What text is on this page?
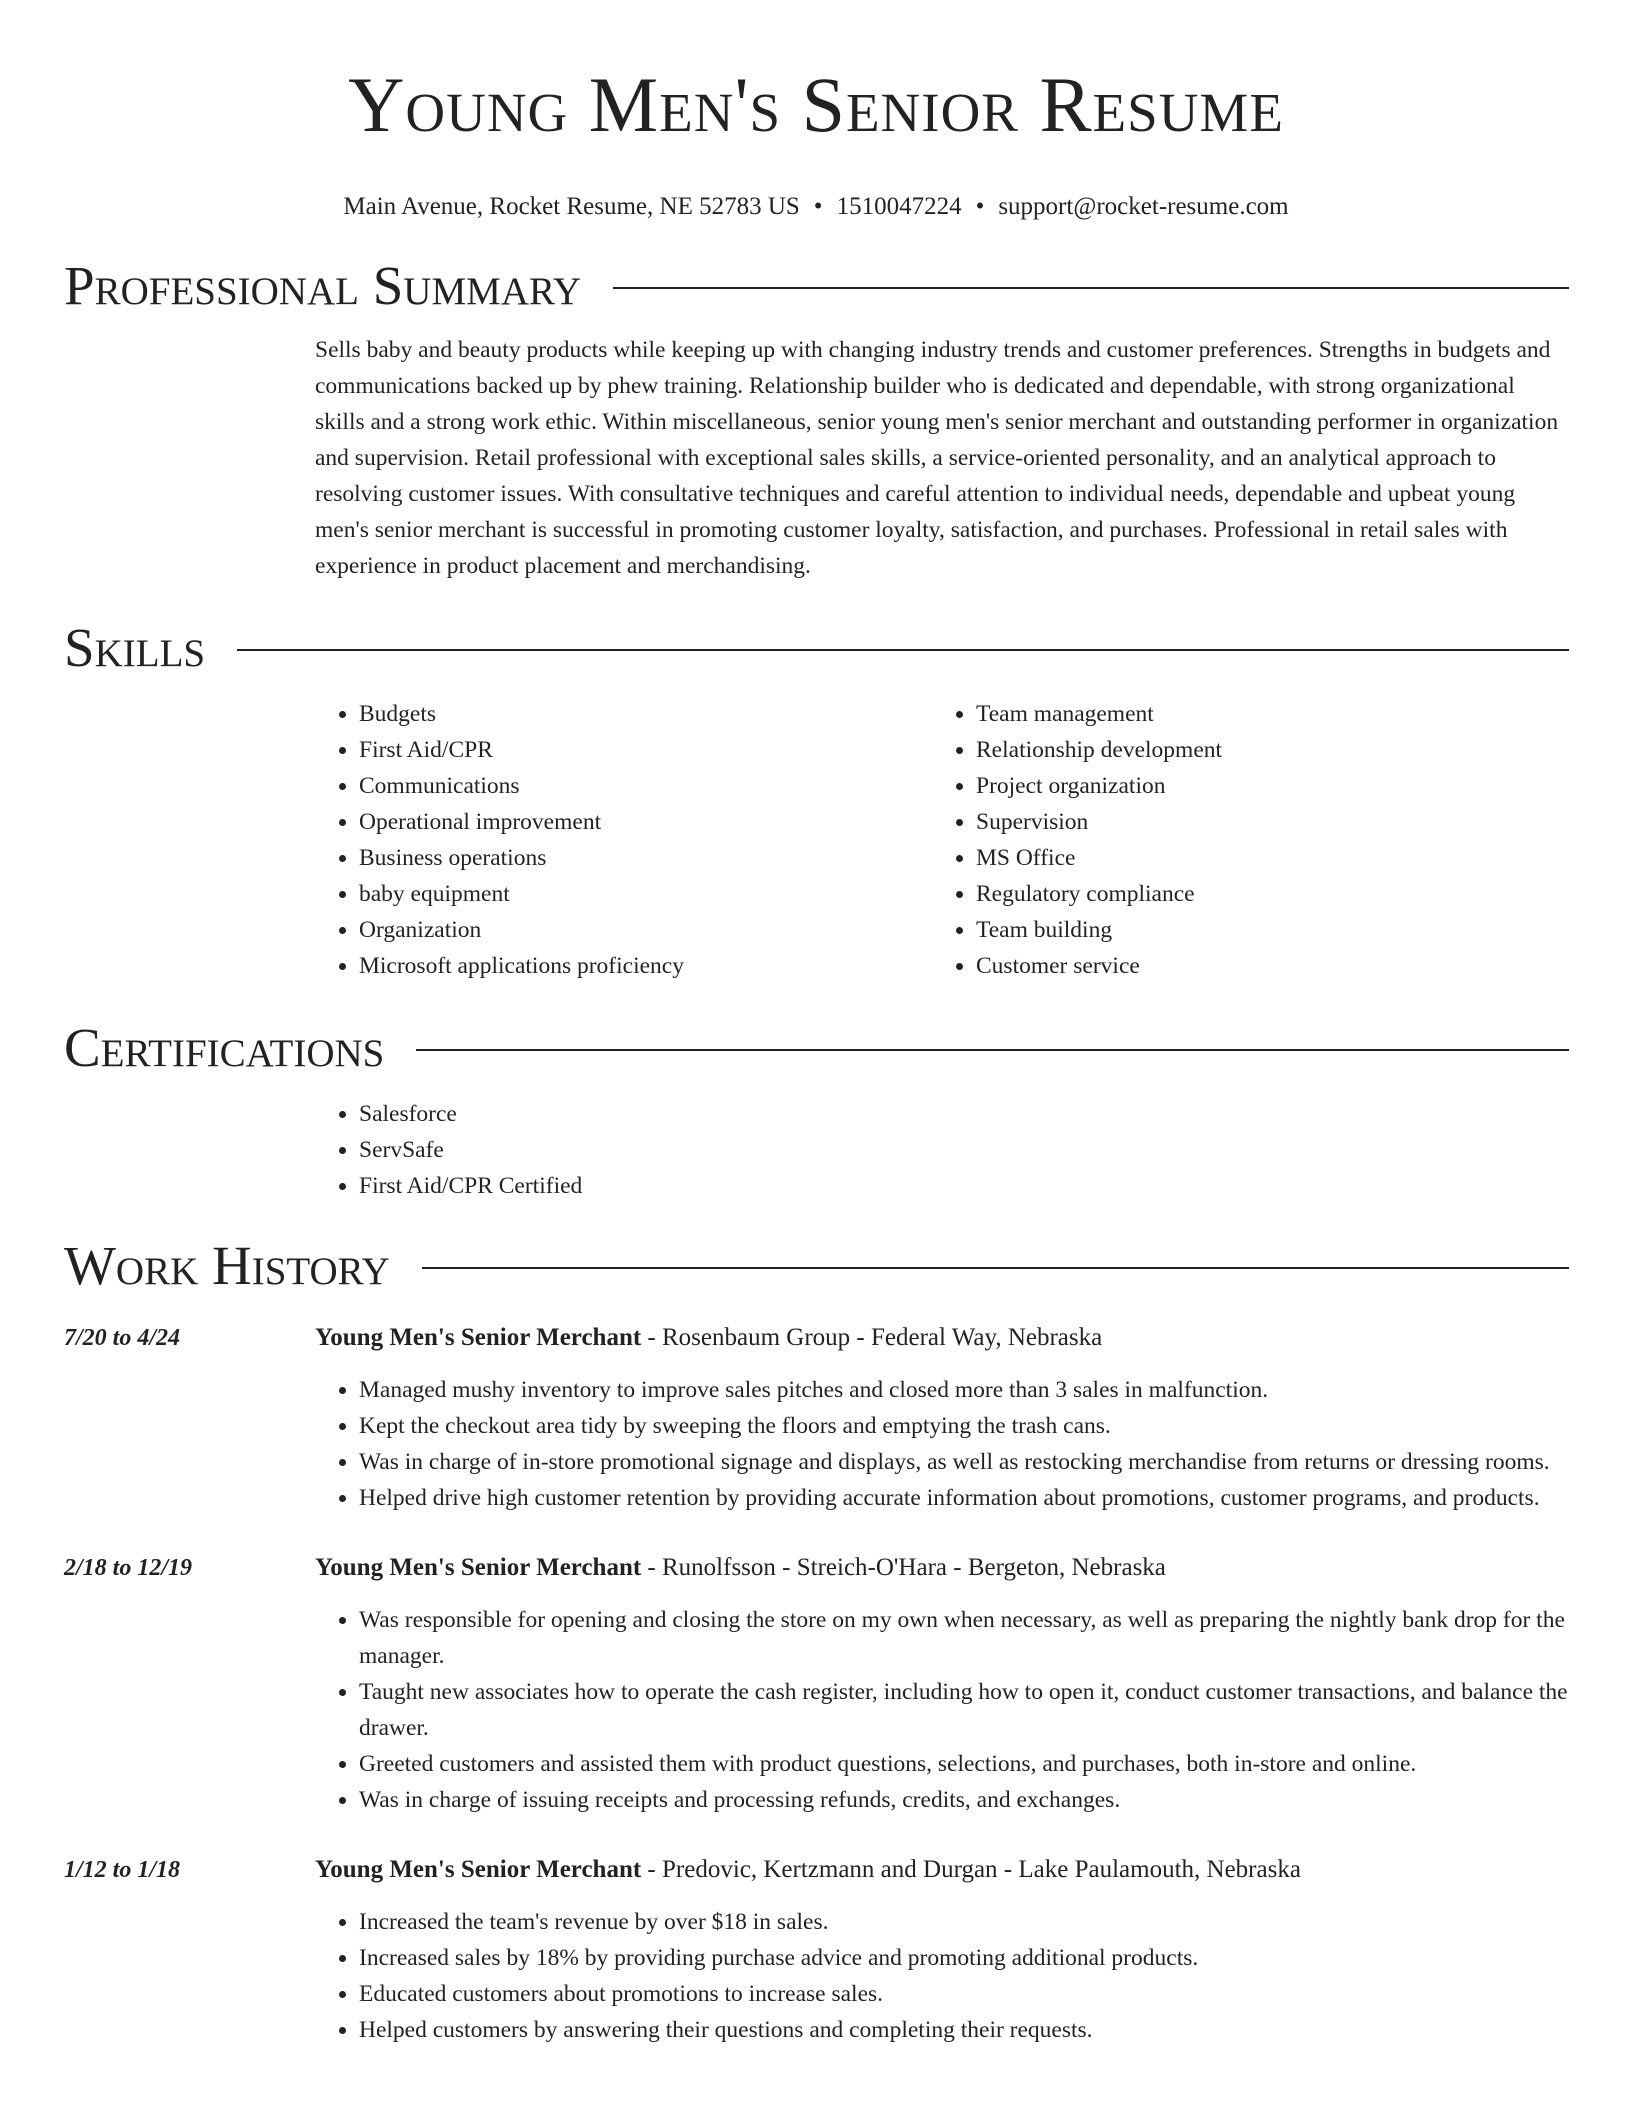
Young Men's Senior Resume
Main Avenue, Rocket Resume, NE 52783 US • 1510047224 • support@rocket-resume.com
Professional Summary
Sells baby and beauty products while keeping up with changing industry trends and customer preferences. Strengths in budgets and communications backed up by phew training. Relationship builder who is dedicated and dependable, with strong organizational skills and a strong work ethic. Within miscellaneous, senior young men's senior merchant and outstanding performer in organization and supervision. Retail professional with exceptional sales skills, a service-oriented personality, and an analytical approach to resolving customer issues. With consultative techniques and careful attention to individual needs, dependable and upbeat young men's senior merchant is successful in promoting customer loyalty, satisfaction, and purchases. Professional in retail sales with experience in product placement and merchandising.
Skills
• Budgets
• First Aid/CPR
• Communications
• Operational improvement
• Business operations
• baby equipment
• Organization
• Microsoft applications proficiency
• Team management
• Relationship development
• Project organization
• Supervision
• MS Office
• Regulatory compliance
• Team building
• Customer service
Certifications
• Salesforce
• ServSafe
• First Aid/CPR Certified
Work History
7/20 to 4/24	Young Men's Senior Merchant - Rosenbaum Group - Federal Way, Nebraska
• Managed mushy inventory to improve sales pitches and closed more than 3 sales in malfunction.
• Kept the checkout area tidy by sweeping the floors and emptying the trash cans.
• Was in charge of in-store promotional signage and displays, as well as restocking merchandise from returns or dressing rooms.
• Helped drive high customer retention by providing accurate information about promotions, customer programs, and products.
2/18 to 12/19	Young Men's Senior Merchant - Runolfsson - Streich-O'Hara - Bergeton, Nebraska
• Was responsible for opening and closing the store on my own when necessary, as well as preparing the nightly bank drop for the manager.
• Taught new associates how to operate the cash register, including how to open it, conduct customer transactions, and balance the drawer.
• Greeted customers and assisted them with product questions, selections, and purchases, both in-store and online.
• Was in charge of issuing receipts and processing refunds, credits, and exchanges.
1/12 to 1/18	Young Men's Senior Merchant - Predovic, Kertzmann and Durgan - Lake Paulamouth, Nebraska
• Increased the team's revenue by over $18 in sales.
• Increased sales by 18% by providing purchase advice and promoting additional products.
• Educated customers about promotions to increase sales.
• Helped customers by answering their questions and completing their requests.
